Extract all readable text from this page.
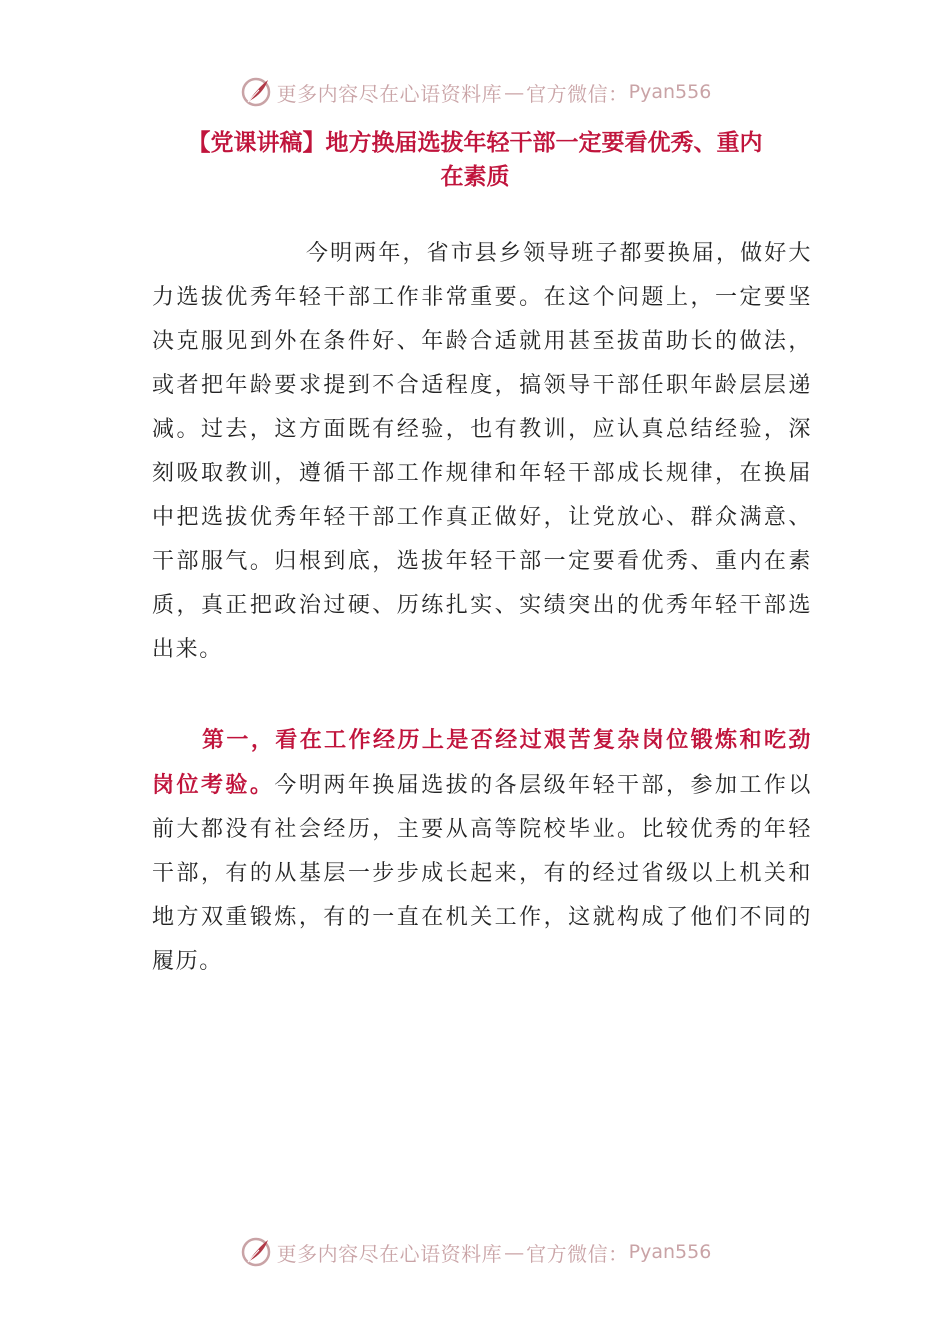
更多内容尽在心语资料库 — 官方微信： Pyan556
【党课讲稿】地方换届选拔年轻干部一定要看优秀、重内
在素质

今明两年，省市县乡领导班子都要换届，做好大力选拔优秀年轻干部工作非常重要。在这个问题上，一定要坚决克服见到外在条件好、年龄合适就用甚至拔苗助长的做法，或者把年龄要求提到不合适程度，搞领导干部任职年龄层层递减。过去，这方面既有经验，也有教训，应认真总结经验，深刻吸取教训，遵循干部工作规律和年轻干部成长规律，在换届中把选拔优秀年轻干部工作真正做好，让党放心、群众满意、干部服气。归根到底，选拔年轻干部一定要看优秀、重内在素质，真正把政治过硬、历练扎实、实绩突出的优秀年轻干部选出来。

第一，看在工作经历上是否经过艰苦复杂岗位锻炼和吃劲岗位考验。今明两年换届选拔的各层级年轻干部，参加工作以前大都没有社会经历，主要从高等院校毕业。比较优秀的年轻干部，有的从基层一步步成长起来，有的经过省级以上机关和地方双重锻炼，有的一直在机关工作，这就构成了他们不同的履历。

更多内容尽在心语资料库 — 官方微信： Pyan556
